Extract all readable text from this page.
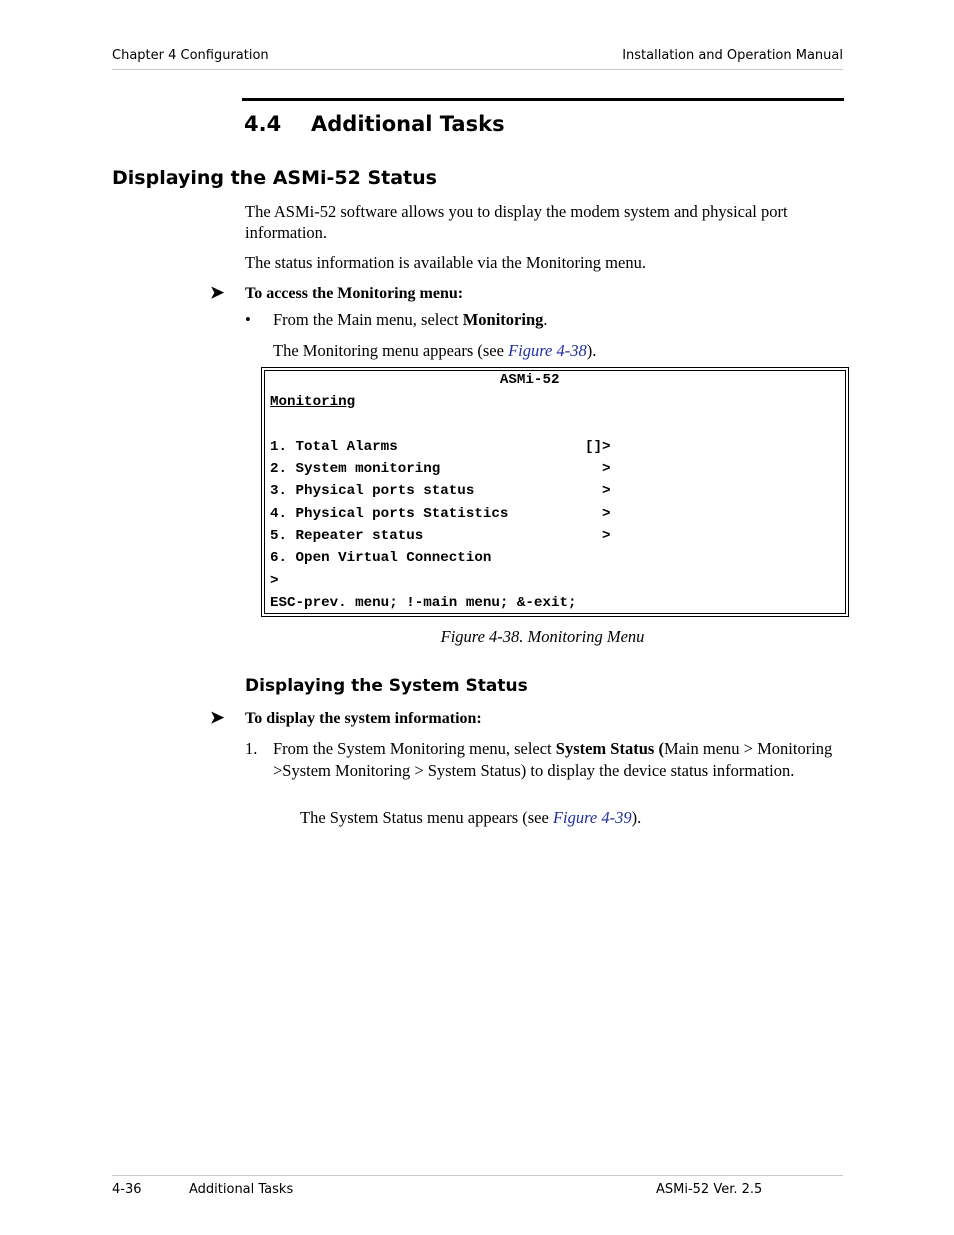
Chapter 4 Configuration	Installation and Operation Manual
4.4 Additional Tasks
Displaying the ASMi-52 Status
The ASMi-52 software allows you to display the modem system and physical port information.
The status information is available via the Monitoring menu.
➤ To access the Monitoring menu:
• From the Main menu, select Monitoring.
The Monitoring menu appears (see Figure 4-38).
ASMi-52
Monitoring
1. Total Alarms                      []>
2. System monitoring                   >
3. Physical ports status               >
4. Physical ports Statistics           >
5. Repeater status                     >
6. Open Virtual Connection
>
ESC-prev. menu; !-main menu; &-exit;
Figure 4-38. Monitoring Menu
Displaying the System Status
➤ To display the system information:
1. From the System Monitoring menu, select System Status (Main menu > Monitoring >System Monitoring > System Status) to display the device status information.
The System Status menu appears (see Figure 4-39).
4-36	Additional Tasks	ASMi-52 Ver. 2.5
